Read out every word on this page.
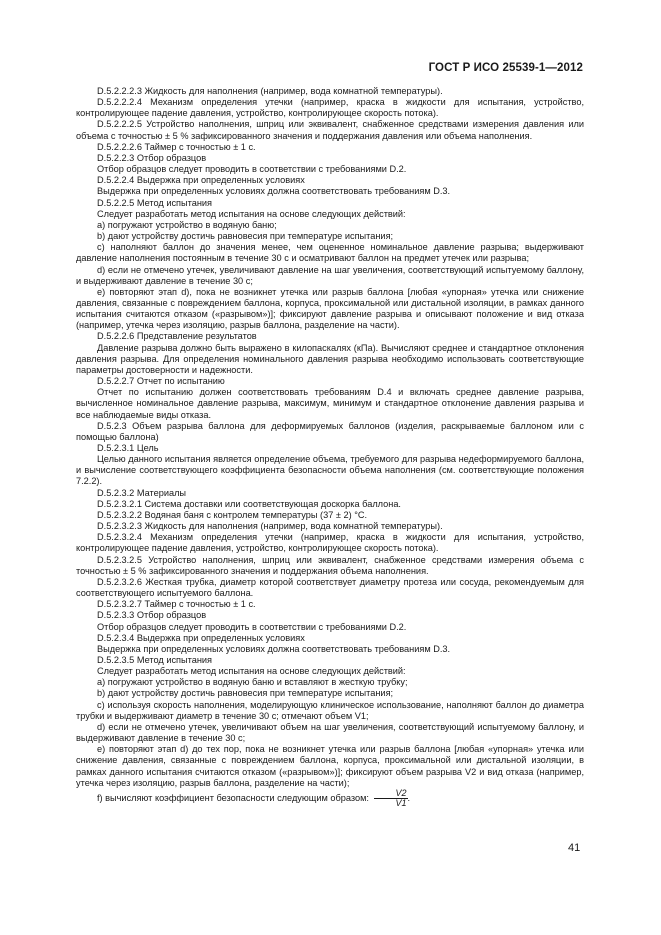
ГОСТ Р ИСО 25539-1—2012

D.5.2.2.2.3 Жидкость для наполнения (например, вода комнатной температуры).

D.5.2.2.2.4 Механизм определения утечки (например, краска в жидкости для испытания, устройство, контролирующее падение давления, устройство, контролирующее скорость потока).

D.5.2.2.2.5 Устройство наполнения, шприц или эквивалент, снабженное средствами измерения давления или объема с точностью ± 5 % зафиксированного значения и поддержания давления или объема наполнения.

D.5.2.2.2.6 Таймер с точностью ± 1 с.

D.5.2.2.3 Отбор образцов

Отбор образцов следует проводить в соответствии с требованиями D.2.

D.5.2.2.4 Выдержка при определенных условиях

Выдержка при определенных условиях должна соответствовать требованиям D.3.

D.5.2.2.5 Метод испытания

Следует разработать метод испытания на основе следующих действий:

a) погружают устройство в водяную баню;

b) дают устройству достичь равновесия при температуре испытания;

c) наполняют баллон до значения менее, чем оцененное номинальное давление разрыва; выдерживают давление наполнения постоянным в течение 30 с и осматривают баллон на предмет утечек или разрыва;

d) если не отмечено утечек, увеличивают давление на шаг увеличения, соответствующий испытуемому баллону, и выдерживают давление в течение 30 с;

e) повторяют этап d), пока не возникнет утечка или разрыв баллона [любая «упорная» утечка или снижение давления, связанные с повреждением баллона, корпуса, проксимальной или дистальной изоляции, в рамках данного испытания считаются отказом («разрывом»)]; фиксируют давление разрыва и описывают положение и вид отказа (например, утечка через изоляцию, разрыв баллона, разделение на части).

D.5.2.2.6 Представление результатов

Давление разрыва должно быть выражено в килопаскалях (кПа). Вычисляют среднее и стандартное отклонения давления разрыва. Для определения номинального давления разрыва необходимо использовать соответствующие параметры достоверности и надежности.

D.5.2.2.7 Отчет по испытанию

Отчет по испытанию должен соответствовать требованиям D.4 и включать среднее давление разрыва, вычисленное номинальное давление разрыва, максимум, минимум и стандартное отклонение давления разрыва и все наблюдаемые виды отказа.

D.5.2.3 Объем разрыва баллона для деформируемых баллонов (изделия, раскрываемые баллоном или с помощью баллона)

D.5.2.3.1 Цель

Целью данного испытания является определение объема, требуемого для разрыва недеформируемого баллона, и вычисление соответствующего коэффициента безопасности объема наполнения (см. соответствующие положения 7.2.2).

D.5.2.3.2 Материалы

D.5.2.3.2.1 Система доставки или соответствующая доскорка баллона.

D.5.2.3.2.2 Водяная баня с контролем температуры (37 ± 2) °С.

D.5.2.3.2.3 Жидкость для наполнения (например, вода комнатной температуры).

D.5.2.3.2.4 Механизм определения утечки (например, краска в жидкости для испытания, устройство, контролирующее падение давления, устройство, контролирующее скорость потока).

D.5.2.3.2.5 Устройство наполнения, шприц или эквивалент, снабженное средствами измерения объема с точностью ± 5 % зафиксированного значения и поддержания объема наполнения.

D.5.2.3.2.6 Жесткая трубка, диаметр которой соответствует диаметру протеза или сосуда, рекомендуемым для соответствующего испытуемого баллона.

D.5.2.3.2.7 Таймер с точностью ± 1 с.

D.5.2.3.3 Отбор образцов

Отбор образцов следует проводить в соответствии с требованиями D.2.

D.5.2.3.4 Выдержка при определенных условиях

Выдержка при определенных условиях должна соответствовать требованиям D.3.

D.5.2.3.5 Метод испытания

Следует разработать метод испытания на основе следующих действий:

a) погружают устройство в водяную баню и вставляют в жесткую трубку;

b) дают устройству достичь равновесия при температуре испытания;

c) используя скорость наполнения, моделирующую клиническое использование, наполняют баллон до диаметра трубки и выдерживают диаметр в течение 30 с; отмечают объем V1;

d) если не отмечено утечек, увеличивают объем на шаг увеличения, соответствующий испытуемому баллону, и выдерживают давление в течение 30 с;

e) повторяют этап d) до тех пор, пока не возникнет утечка или разрыв баллона [любая «упорная» утечка или снижение давления, связанные с повреждением баллона, корпуса, проксимальной или дистальной изоляции, в рамках данного испытания считаются отказом («разрывом»)]; фиксируют объем разрыва V2 и вид отказа (например, утечка через изоляцию, разрыв баллона, разделение на части);

f) вычисляют коэффициент безопасности следующим образом: $\frac{V2}{V1}$ .

41
